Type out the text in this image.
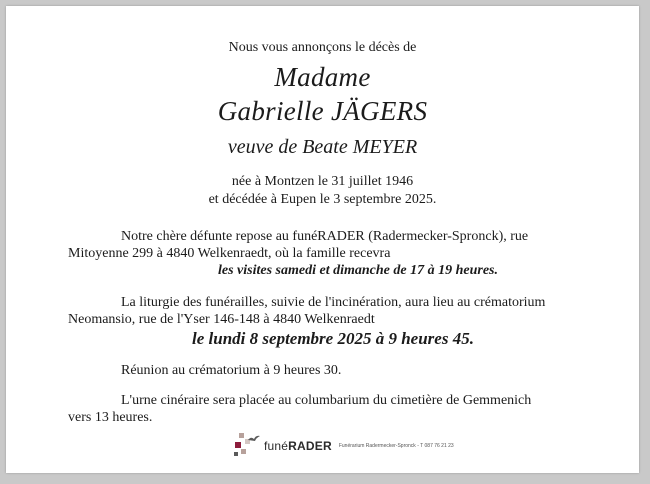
Nous vous annonçons le décès de
Madame
Gabrielle JÄGERS
veuve de Beate MEYER
née à Montzen le 31 juillet 1946
et décédée à Eupen le 3 septembre 2025.
Notre chère défunte repose au funéRADER (Radermecker-Spronck), rue
Mitoyenne 299 à 4840 Welkenraedt, où la famille recevra
les visites samedi et dimanche de 17 à 19 heures.
La liturgie des funérailles, suivie de l'incinération, aura lieu au crématorium
Neomansio, rue de l'Yser 146-148 à 4840 Welkenraedt
le lundi 8 septembre 2025 à 9 heures 45.
Réunion au crématorium à 9 heures 30.
L'urne cinéraire sera placée au columbarium du cimetière de Gemmenich
vers 13 heures.
funéRADER Funérarium Radermecker-Spronck - T 087 76 21 23
